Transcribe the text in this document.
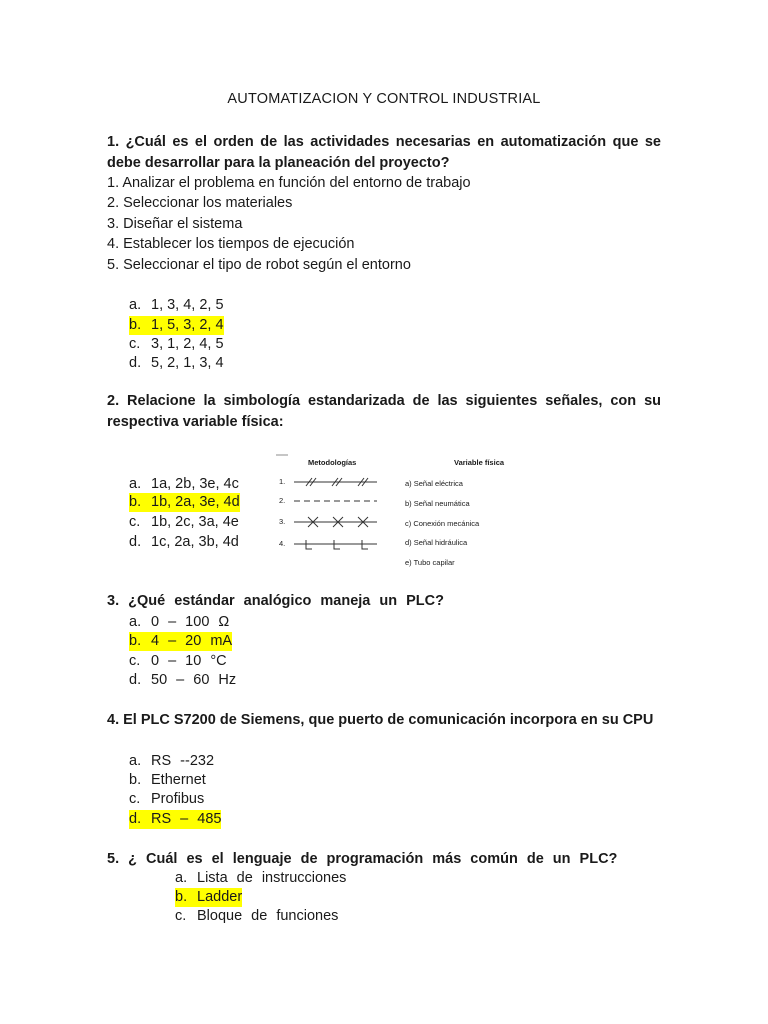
AUTOMATIZACION Y CONTROL INDUSTRIAL
1. ¿Cuál es el orden de las actividades necesarias en automatización que se debe desarrollar para la planeación del proyecto?
1. Analizar el problema en función del entorno de trabajo
2. Seleccionar los materiales
3. Diseñar el sistema
4. Establecer los tiempos de ejecución
5. Seleccionar el tipo de robot según el entorno
a. 1, 3, 4, 2, 5
b. 1, 5, 3, 2, 4
c. 3, 1, 2, 4, 5
d. 5, 2, 1, 3, 4
2. Relacione la simbología estandarizada de las siguientes señales, con su respectiva variable física:
a. 1a, 2b, 3e, 4c
b. 1b, 2a, 3e, 4d
c. 1b, 2c, 3a, 4e
d. 1c, 2a, 3b, 4d
Metodologías	Variable física
1.
2.
3.
4.
a) Señal eléctrica
b) Señal neumática
c) Conexión mecánica
d) Señal hidráulica
e) Tubo capilar
3. ¿Qué estándar analógico maneja un PLC?
a. 0 – 100 Ω
b. 4 – 20 mA
c. 0 – 10 °C
d. 50 – 60 Hz
4. El PLC S7200 de Siemens, que puerto de comunicación incorpora en su CPU
a. RS --232
b. Ethernet
c. Profibus
d. RS – 485
5. ¿ Cuál es el lenguaje de programación más común de un PLC?
a. Lista de instrucciones
b. Ladder
c. Bloque de funciones
